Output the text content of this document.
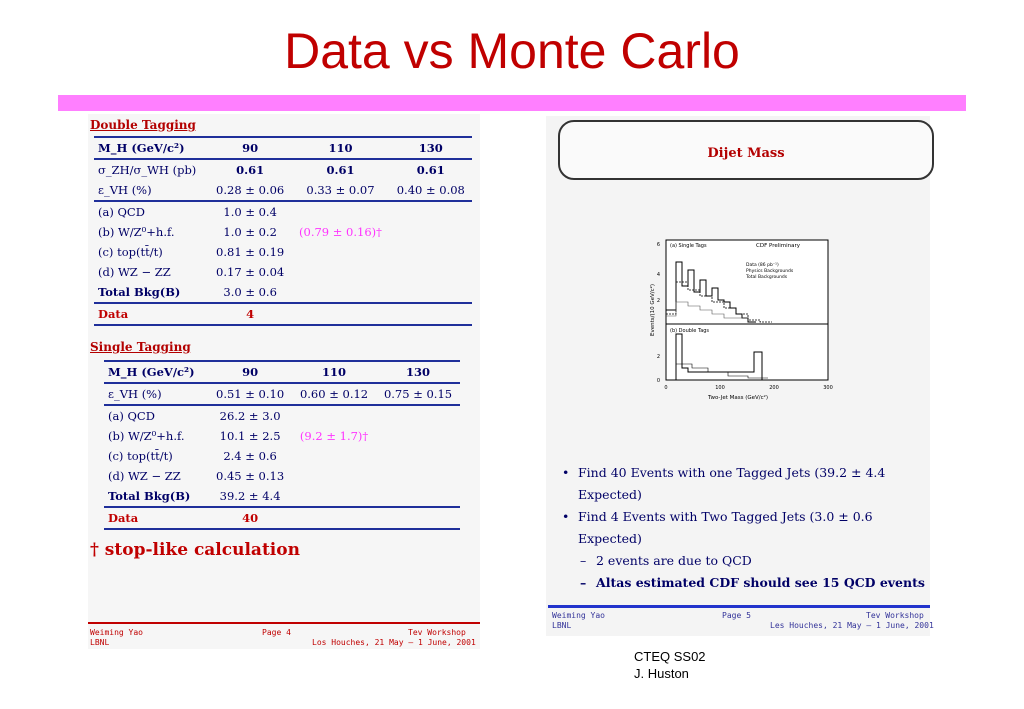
Data vs Monte Carlo
Double Tagging
M_H (GeV/c²)	90	110	130
σ_ZH/σ_WH (pb)	0.61	0.61	0.61
ε_VH (%)	0.28 ± 0.06	0.33 ± 0.07	0.40 ± 0.08
(a) QCD	1.0 ± 0.4		
(b) W/Z⁰+h.f.	1.0 ± 0.2	(0.79 ± 0.16)†	
(c) top(tt̄/t)	0.81 ± 0.19		
(d) WZ − ZZ	0.17 ± 0.04		
Total Bkg(B)	3.0 ± 0.6		
Data	4		
Single Tagging
M_H (GeV/c²)	90	110	130
ε_VH (%)	0.51 ± 0.10	0.60 ± 0.12	0.75 ± 0.15
(a) QCD	26.2 ± 3.0		
(b) W/Z⁰+h.f.	10.1 ± 2.5	(9.2 ± 1.7)†	
(c) top(tt̄/t)	2.4 ± 0.6		
(d) WZ − ZZ	0.45 ± 0.13		
Total Bkg(B)	39.2 ± 4.4		
Data	40		
† stop-like calculation
Weiming Yao
LBNL
Page 4	Tev Workshop
Los Houches, 21 May – 1 June, 2001
Dijet Mass
(a) Single Tags	CDF Preliminary
Data (86 pb⁻¹)
Physics Backgrounds
Total Backgrounds
(b) Double Tags
6
4
2
2
0
0	100	200	300
Two-Jet Mass (GeV/c²)
Events/(10 GeV/c²)
• Find 40 Events with one Tagged Jets (39.2 ± 4.4 Expected)
• Find 4 Events with Two Tagged Jets (3.0 ± 0.6 Expected)
– 2 events are due to QCD
– Altas estimated CDF should see 15 QCD events
Weiming Yao
LBNL
Page 5	Tev Workshop
Les Houches, 21 May – 1 June, 2001
CTEQ SS02
J. Huston
